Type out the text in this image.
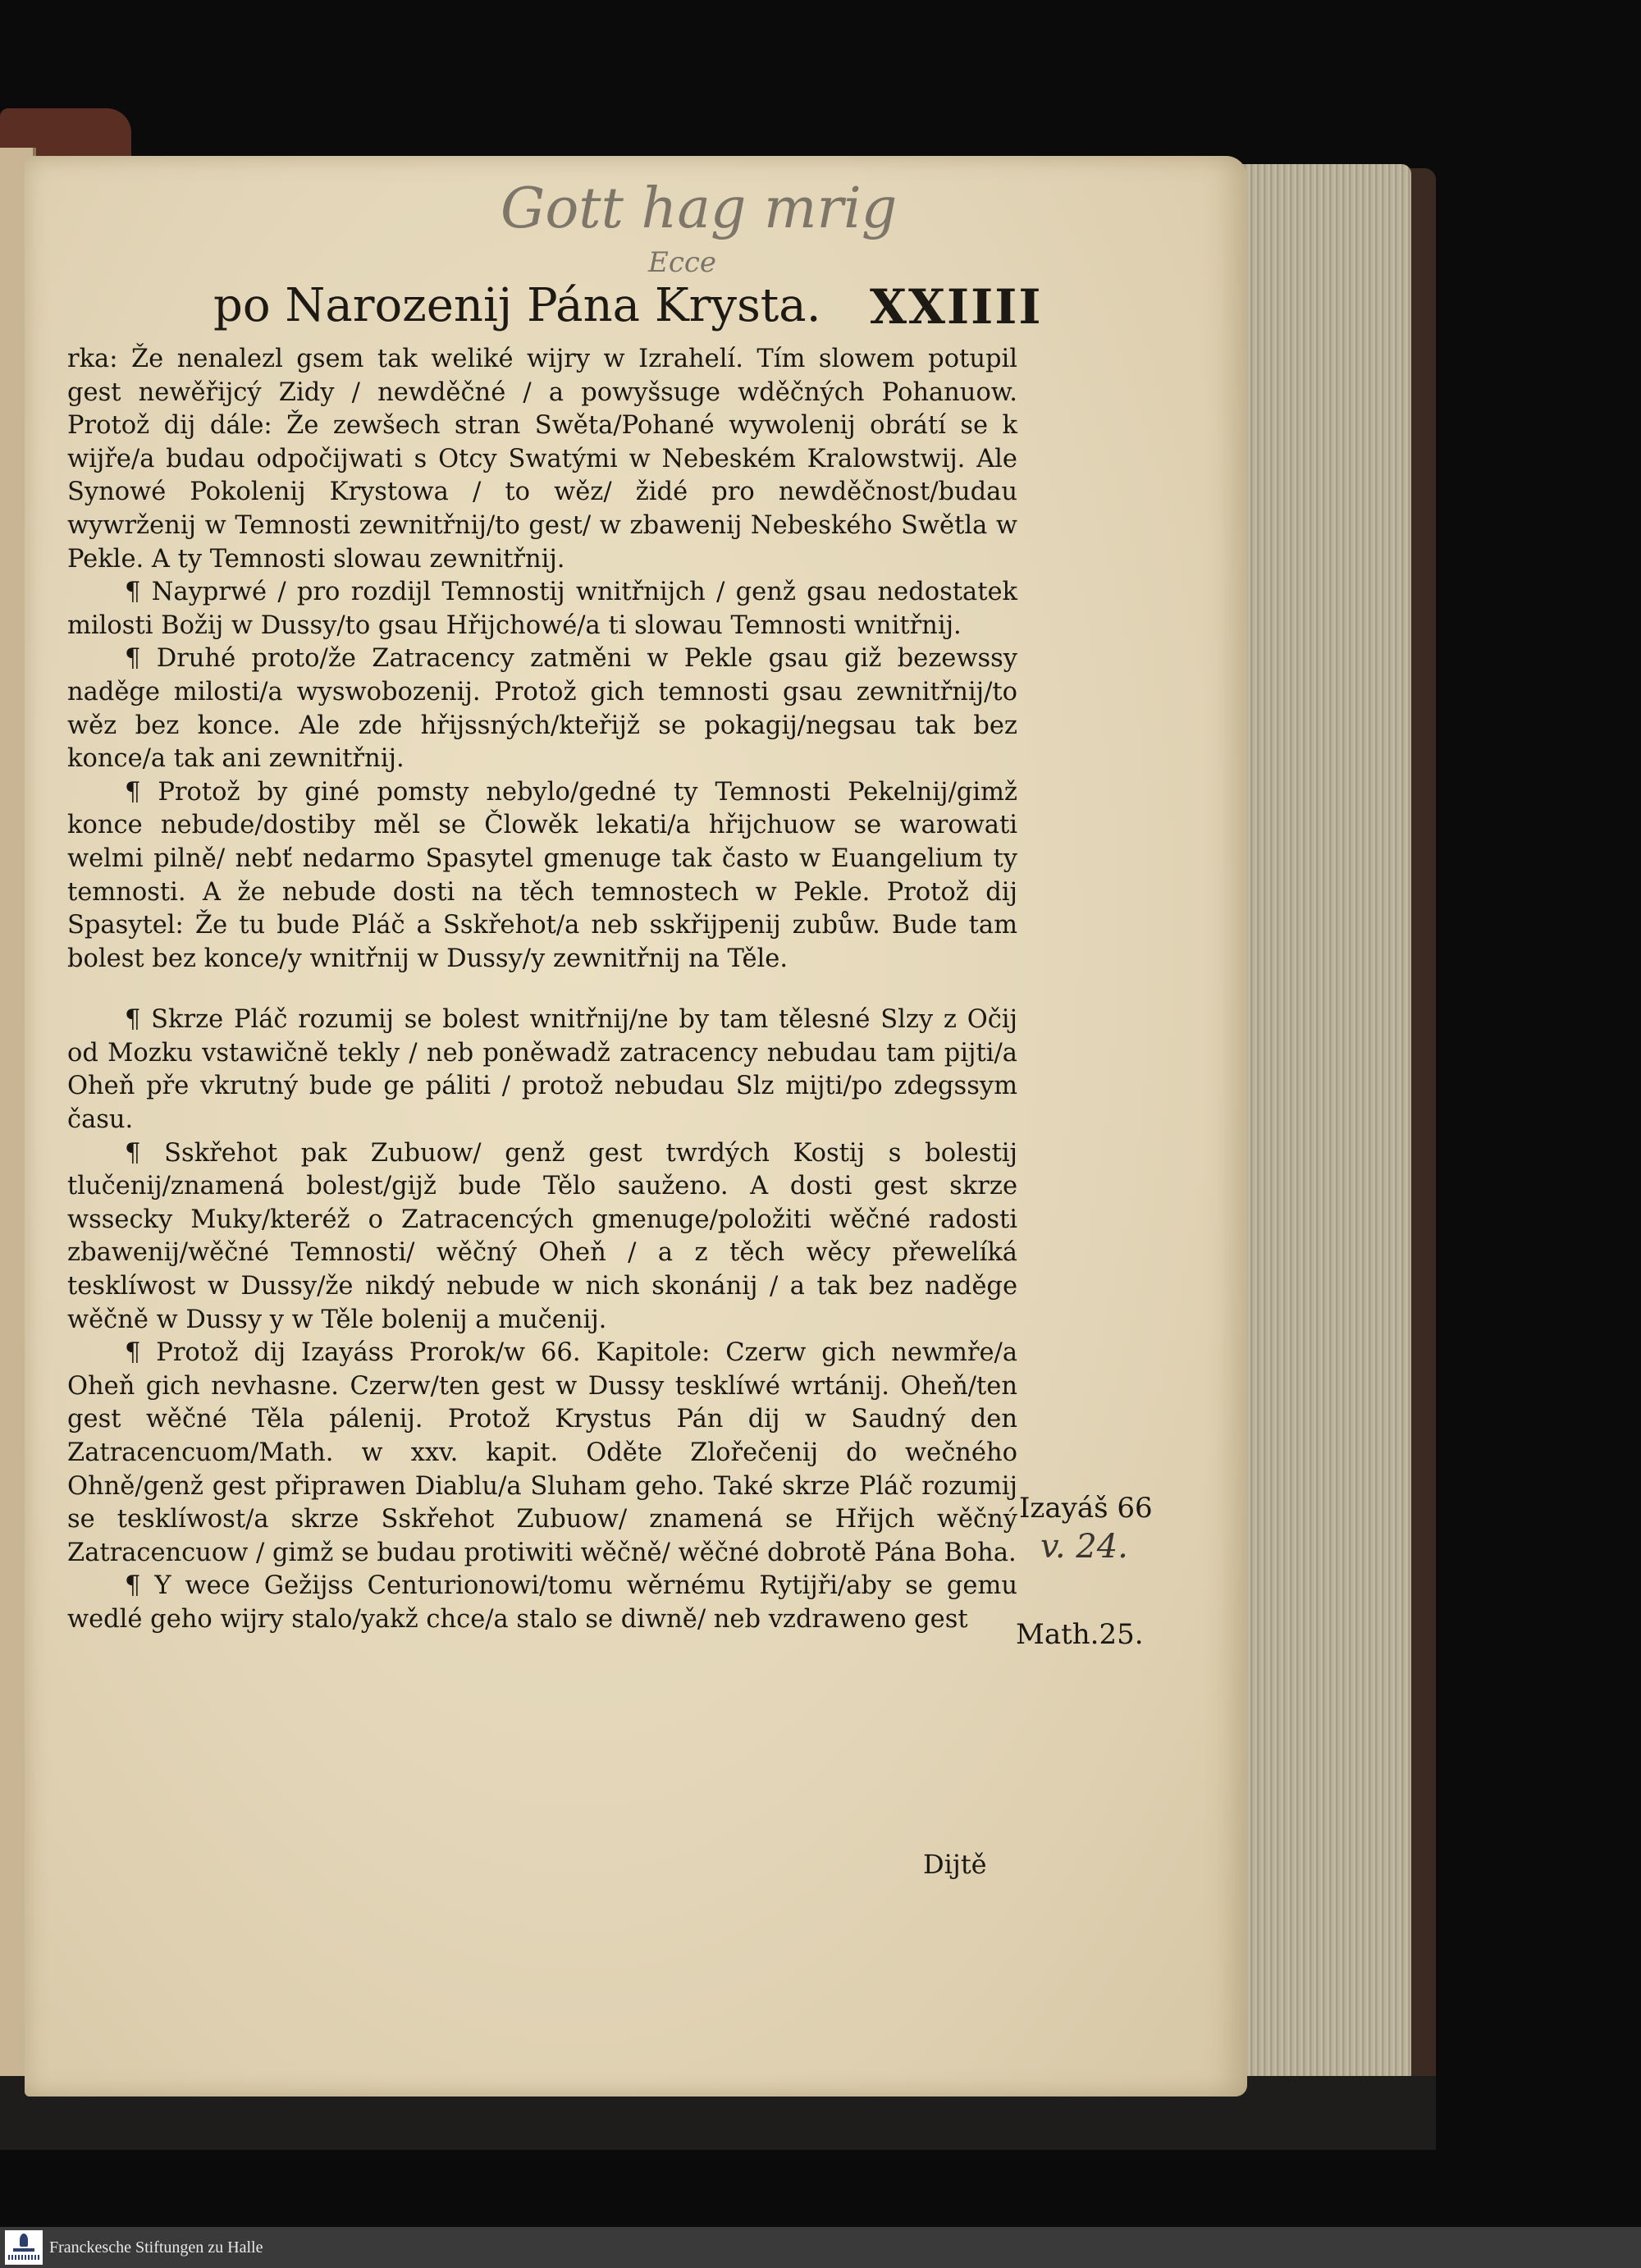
Gott hag mrig
Ecce
po Narozenij Pána Krysta. XXIIII

rka: Že nenalezl gsem tak weliké wijry w Izrahelí. Tím slowem potupil gest newěřijcý Zidy / newděčné / a powyšsuge wděčných Pohanuow. Protož dij dále: Že zewšech stran Swěta/Pohané wywolenij obrátí se k wijře/a budau odpočijwati s Otcy Swatými w Nebeském Kralowstwij. Ale Synowé Pokolenij Krystowa / to wěz/ židé pro newděčnost/budau wywrženij w Temnosti zewnitřnij/to gest/ w zbawenij Nebeského Swětla w Pekle. A ty Temnosti slowau zewnitřnij.

¶ Nayprwé / pro rozdijl Temnostij wnitřnijch / genž gsau nedostatek milosti Božij w Dussy/to gsau Hřijchowé/a ti slowau Temnosti wnitřnij.

¶ Druhé proto/že Zatracency zatměni w Pekle gsau giž bezewssy naděge milosti/a wyswobozenij. Protož gich temnosti gsau zewnitřnij/to wěz bez konce. Ale zde hřijssných/kteřijž se pokagij/negsau tak bez konce/a tak ani zewnitřnij.

¶ Protož by giné pomsty nebylo/gedné ty Temnosti Pekelnij/gimž konce nebude/dostiby měl se Člowěk lekati/a hřijchuow se warowati welmi pilně/ nebť nedarmo Spasytel gmenuge tak často w Euangelium ty temnosti. A že nebude dosti na těch temnostech w Pekle. Protož dij Spasytel: Že tu bude Pláč a Sskřehot/a neb sskřijpenij zubůw. Bude tam bolest bez konce/y wnitřnij w Dussy/y zewnitřnij na Těle.

¶ Skrze Pláč rozumij se bolest wnitřnij/ne by tam tělesné Slzy z Očij od Mozku vstawičně tekly / neb poněwadž zatracency nebudau tam pijti/a Oheň pře vkrutný bude ge páliti / protož nebudau Slz mijti/po zdegssym času.

¶ Sskřehot pak Zubuow/ genž gest twrdých Kostij s bolestij tlučenij/znamená bolest/gijž bude Tělo sauženo. A dosti gest skrze wssecky Muky/kteréž o Zatracencých gmenuge/položiti wěčné radosti zbawenij/wěčné Temnosti/ wěčný Oheň / a z těch wěcy přewelíká tesklíwost w Dussy/že nikdý nebude w nich skonánij / a tak bez naděge wěčně w Dussy y w Těle bolenij a mučenij.

¶ Protož dij Izayáss Prorok/w 66. Kapitole: Czerw gich newmře/a Oheň gich nevhasne. Czerw/ten gest w Dussy tesklíwé wrtánij. Oheň/ten gest wěčné Těla pálenij. Protož Krystus Pán dij w Saudný den Zatracencuom/Math. w xxv. kapit. Oděte Zlořečenij do wečného Ohně/genž gest připrawen Diablu/a Sluham geho. Také skrze Pláč rozumij se tesklíwost/a skrze Sskřehot Zubuow/ znamená se Hřijch wěčný Zatracencuow / gimž se budau protiwiti wěčně/ wěčné dobrotě Pána Boha.

¶ Y wece Gežijss Centurionowi/tomu wěrnému Rytijři/aby se gemu wedlé geho wijry stalo/yakž chce/a stalo se diwně/ neb vzdraweno gest

Dijtě
Izayáš 66
v. 24.
Math.25.
Franckesche Stiftungen zu Halle
